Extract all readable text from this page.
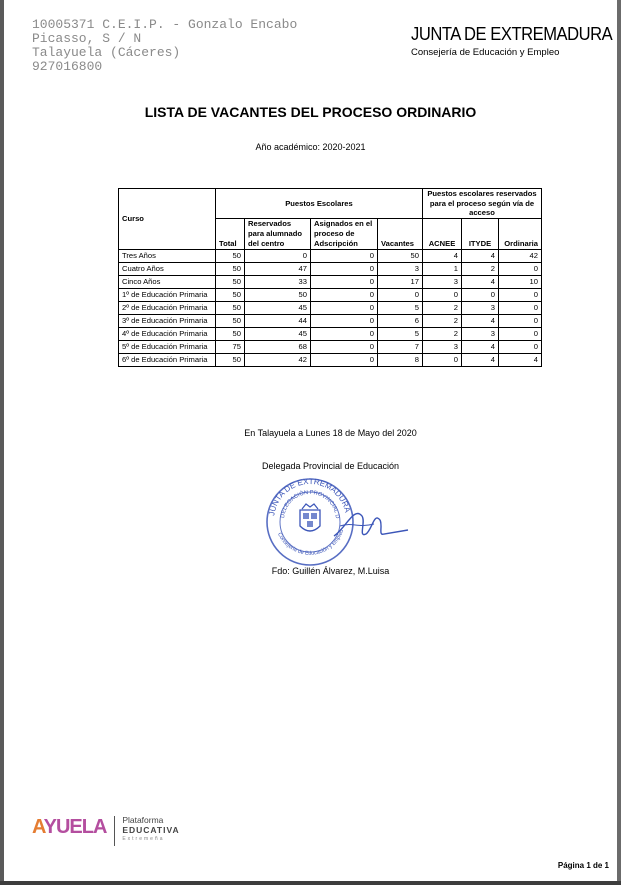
10005371 C.E.I.P. - Gonzalo Encabo
Picasso, S / N
Talayuela (Cáceres)
927016800
JUNTA DE EXTREMADURA
Consejería de Educación y Empleo
LISTA DE VACANTES DEL PROCESO ORDINARIO
Año académico: 2020-2021
Curso	Puestos Escolares				Puestos escolares reservados para el proceso según vía de acceso		
	Total	Reservados para alumnado del centro	Asignados en el proceso de Adscripción	Vacantes	ACNEE	ITYDE	Ordinaria
Tres Años	50	0	0	50	4	4	42
Cuatro Años	50	47	0	3	1	2	0
Cinco Años	50	33	0	17	3	4	10
1º de Educación Primaria	50	50	0	0	0	0	0
2º de Educación Primaria	50	45	0	5	2	3	0
3º de Educación Primaria	50	44	0	6	2	4	0
4º de Educación Primaria	50	45	0	5	2	3	0
5º de Educación Primaria	75	68	0	7	3	4	0
6º de Educación Primaria	50	42	0	8	0	4	4
En Talayuela a Lunes 18 de Mayo del 2020
Delegada Provincial de Educación
JUNTA DE EXTREMADURA
DELEGACIÓN PROVINCIAL D
Consejería de Educación y Empleo
Fdo: Guillén Álvarez, M.Luisa
AYUELA Plataforma
EDUCATIVA
Extremeña
Página 1 de 1
